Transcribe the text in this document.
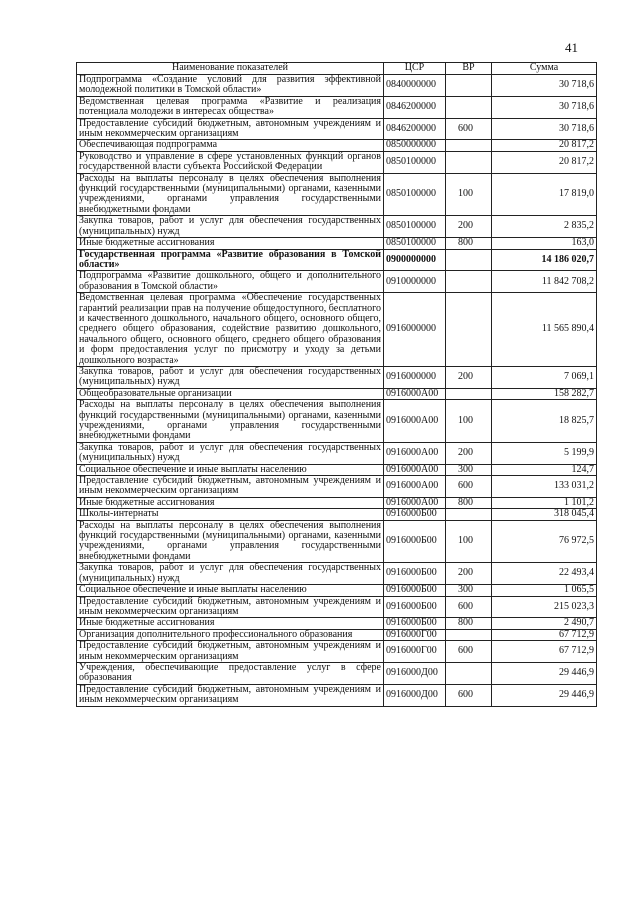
41
Наименование показателей	ЦСР	ВР	Сумма
Подпрограмма «Создание условий для развития эффективной молодежной политики в Томской области»	0840000000		30 718,6
Ведомственная целевая программа «Развитие и реализация потенциала молодежи в интересах общества»	0846200000		30 718,6
Предоставление субсидий бюджетным, автономным учреждениям и иным некоммерческим организациям	0846200000	600	30 718,6
Обеспечивающая подпрограмма	0850000000		20 817,2
Руководство и управление в сфере установленных функций органов государственной власти субъекта Российской Федерации	0850100000		20 817,2
Расходы на выплаты персоналу в целях обеспечения выполнения функций государственными (муниципальными) органами, казенными учреждениями, органами управления государственными внебюджетными фондами	0850100000	100	17 819,0
Закупка товаров, работ и услуг для обеспечения государственных (муниципальных) нужд	0850100000	200	2 835,2
Иные бюджетные ассигнования	0850100000	800	163,0
Государственная программа «Развитие образования в Томской области»	0900000000		14 186 020,7
Подпрограмма «Развитие дошкольного, общего и дополнительного образования в Томской области»	0910000000		11 842 708,2
Ведомственная целевая программа «Обеспечение государственных гарантий реализации прав на получение общедоступного, бесплатного и качественного дошкольного, начального общего, основного общего, среднего общего образования, содействие развитию дошкольного, начального общего, основного общего, среднего общего образования и форм предоставления услуг по присмотру и уходу за детьми дошкольного возраста»	0916000000		11 565 890,4
Закупка товаров, работ и услуг для обеспечения государственных (муниципальных) нужд	0916000000	200	7 069,1
Общеобразовательные организации	0916000А00		158 282,7
Расходы на выплаты персоналу в целях обеспечения выполнения функций государственными (муниципальными) органами, казенными учреждениями, органами управления государственными внебюджетными фондами	0916000А00	100	18 825,7
Закупка товаров, работ и услуг для обеспечения государственных (муниципальных) нужд	0916000А00	200	5 199,9
Социальное обеспечение и иные выплаты населению	0916000А00	300	124,7
Предоставление субсидий бюджетным, автономным учреждениям и иным некоммерческим организациям	0916000А00	600	133 031,2
Иные бюджетные ассигнования	0916000А00	800	1 101,2
Школы-интернаты	0916000Б00		318 045,4
Расходы на выплаты персоналу в целях обеспечения выполнения функций государственными (муниципальными) органами, казенными учреждениями, органами управления государственными внебюджетными фондами	0916000Б00	100	76 972,5
Закупка товаров, работ и услуг для обеспечения государственных (муниципальных) нужд	0916000Б00	200	22 493,4
Социальное обеспечение и иные выплаты населению	0916000Б00	300	1 065,5
Предоставление субсидий бюджетным, автономным учреждениям и иным некоммерческим организациям	0916000Б00	600	215 023,3
Иные бюджетные ассигнования	0916000Б00	800	2 490,7
Организация дополнительного профессионального образования	0916000Г00		67 712,9
Предоставление субсидий бюджетным, автономным учреждениям и иным некоммерческим организациям	0916000Г00	600	67 712,9
Учреждения, обеспечивающие предоставление услуг в сфере образования	0916000Д00		29 446,9
Предоставление субсидий бюджетным, автономным учреждениям и иным некоммерческим организациям	0916000Д00	600	29 446,9
